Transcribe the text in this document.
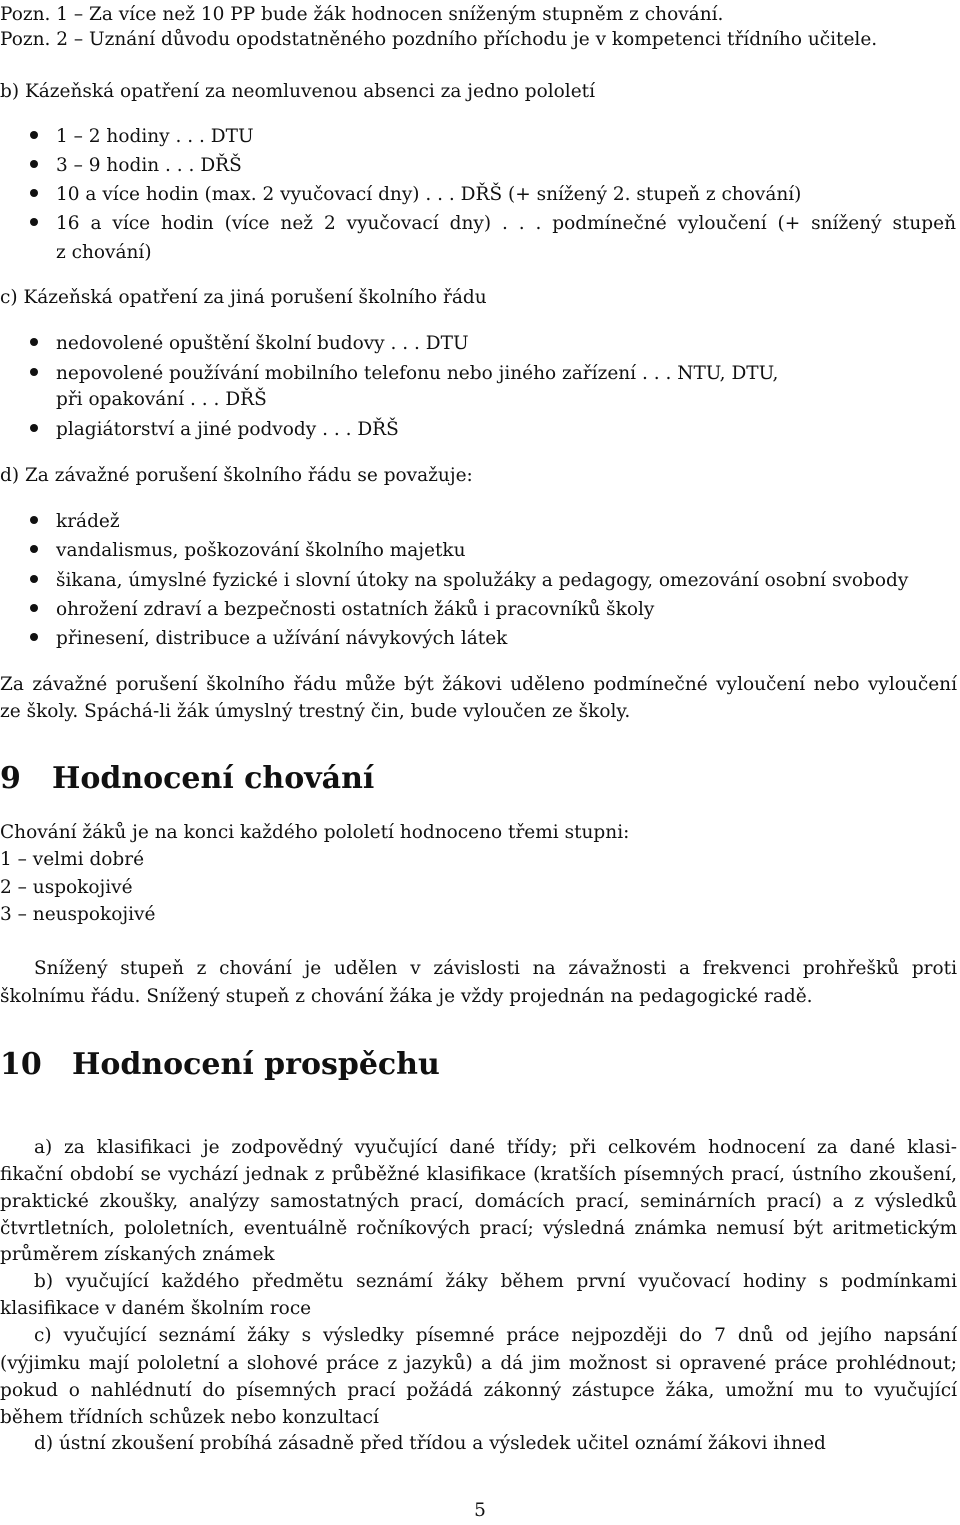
Pozn. 1 – Za více než 10 PP bude žák hodnocen sníženým stupněm z chování.
Pozn. 2 – Uznání důvodu opodstatněného pozdního příchodu je v kompetenci třídního učitele.
b) Kázeňská opatření za neomluvenou absenci za jedno pololetí
1 – 2 hodiny . . . DTU
3 – 9 hodin . . . DŘŠ
10 a více hodin (max. 2 vyučovací dny) . . . DŘŠ (+ snížený 2. stupeň z chování)
16 a více hodin (více než 2 vyučovací dny) . . . podmínečné vyloučení (+ snížený stupeň
z chování)
c) Kázeňská opatření za jiná porušení školního řádu
nedovolené opuštění školní budovy . . . DTU
nepovolené používání mobilního telefonu nebo jiného zařízení . . . NTU, DTU,
při opakování . . . DŘŠ
plagiátorství a jiné podvody . . . DŘŠ
d) Za závažné porušení školního řádu se považuje:
krádež
vandalismus, poškozování školního majetku
šikana, úmyslné fyzické i slovní útoky na spolužáky a pedagogy, omezování osobní svobody
ohrožení zdraví a bezpečnosti ostatních žáků i pracovníků školy
přinesení, distribuce a užívání návykových látek
Za závažné porušení školního řádu může být žákovi uděleno podmínečné vyloučení nebo vyloučení
ze školy. Spáchá-li žák úmyslný trestný čin, bude vyloučen ze školy.
9 Hodnocení chování
Chování žáků je na konci každého pololetí hodnoceno třemi stupni:
1 – velmi dobré
2 – uspokojivé
3 – neuspokojivé
Snížený stupeň z chování je udělen v závislosti na závažnosti a frekvenci prohřešků proti
školnímu řádu. Snížený stupeň z chování žáka je vždy projednán na pedagogické radě.
10 Hodnocení prospěchu
a) za klasifikaci je zodpovědný vyučující dané třídy; při celkovém hodnocení za dané klasi-
fikační období se vychází jednak z průběžné klasifikace (kratších písemných prací, ústního zkoušení,
praktické zkoušky, analýzy samostatných prací, domácích prací, seminárních prací) a z výsledků
čtvrtletních, pololetních, eventuálně ročníkových prací; výsledná známka nemusí být aritmetickým
průměrem získaných známek
b) vyučující každého předmětu seznámí žáky během první vyučovací hodiny s podmínkami
klasifikace v daném školním roce
c) vyučující seznámí žáky s výsledky písemné práce nejpozději do 7 dnů od jejího napsání
(výjimku mají pololetní a slohové práce z jazyků) a dá jim možnost si opravené práce prohlédnout;
pokud o nahlédnutí do písemných prací požádá zákonný zástupce žáka, umožní mu to vyučující
během třídních schůzek nebo konzultací
d) ústní zkoušení probíhá zásadně před třídou a výsledek učitel oznámí žákovi ihned
5
